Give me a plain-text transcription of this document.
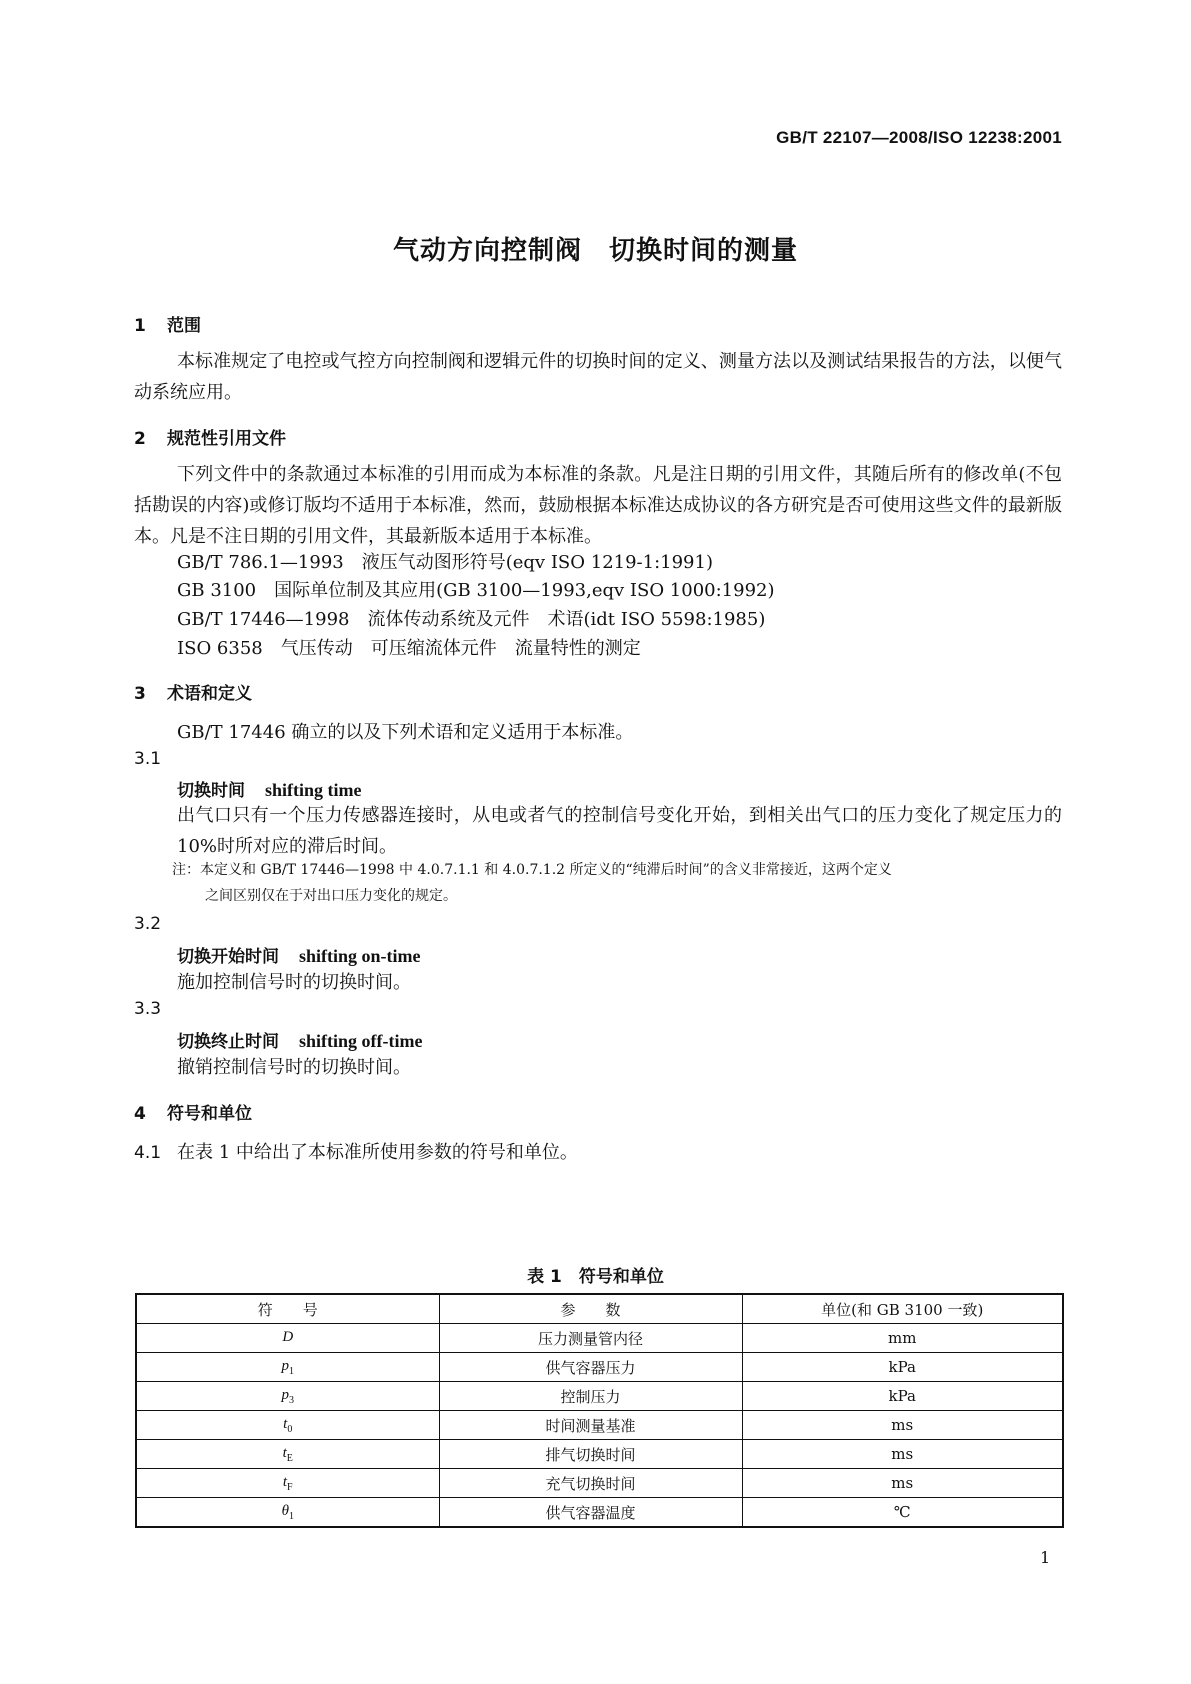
GB/T 22107—2008/ISO 12238:2001
气动方向控制阀　切换时间的测量
1 范围
本标准规定了电控或气控方向控制阀和逻辑元件的切换时间的定义、测量方法以及测试结果报告的方法，以便气动系统应用。
2 规范性引用文件
下列文件中的条款通过本标准的引用而成为本标准的条款。凡是注日期的引用文件，其随后所有的修改单(不包括勘误的内容)或修订版均不适用于本标准，然而，鼓励根据本标准达成协议的各方研究是否可使用这些文件的最新版本。凡是不注日期的引用文件，其最新版本适用于本标准。
GB/T 786.1—1993　液压气动图形符号(eqv ISO 1219-1:1991)
GB 3100　国际单位制及其应用(GB 3100—1993,eqv ISO 1000:1992)
GB/T 17446—1998　流体传动系统及元件　术语(idt ISO 5598:1985)
ISO 6358　气压传动　可压缩流体元件　流量特性的测定
3 术语和定义
GB/T 17446 确立的以及下列术语和定义适用于本标准。
3.1
切换时间 shifting time
出气口只有一个压力传感器连接时，从电或者气的控制信号变化开始，到相关出气口的压力变化了规定压力的 10%时所对应的滞后时间。
注：本定义和 GB/T 17446—1998 中 4.0.7.1.1 和 4.0.7.1.2 所定义的“纯滞后时间”的含义非常接近，这两个定义
之间区别仅在于对出口压力变化的规定。
3.2
切换开始时间 shifting on-time
施加控制信号时的切换时间。
3.3
切换终止时间 shifting off-time
撤销控制信号时的切换时间。
4 符号和单位
4.1 在表 1 中给出了本标准所使用参数的符号和单位。
表 1　符号和单位
符　　号	参　　数	单位(和 GB 3100 一致)
D	压力测量管内径	mm
$p_1$	供气容器压力	kPa
$p_3$	控制压力	kPa
$t_0$	时间测量基准	ms
$t_E$	排气切换时间	ms
$t_F$	充气切换时间	ms
$\theta_1$	供气容器温度	℃
1
